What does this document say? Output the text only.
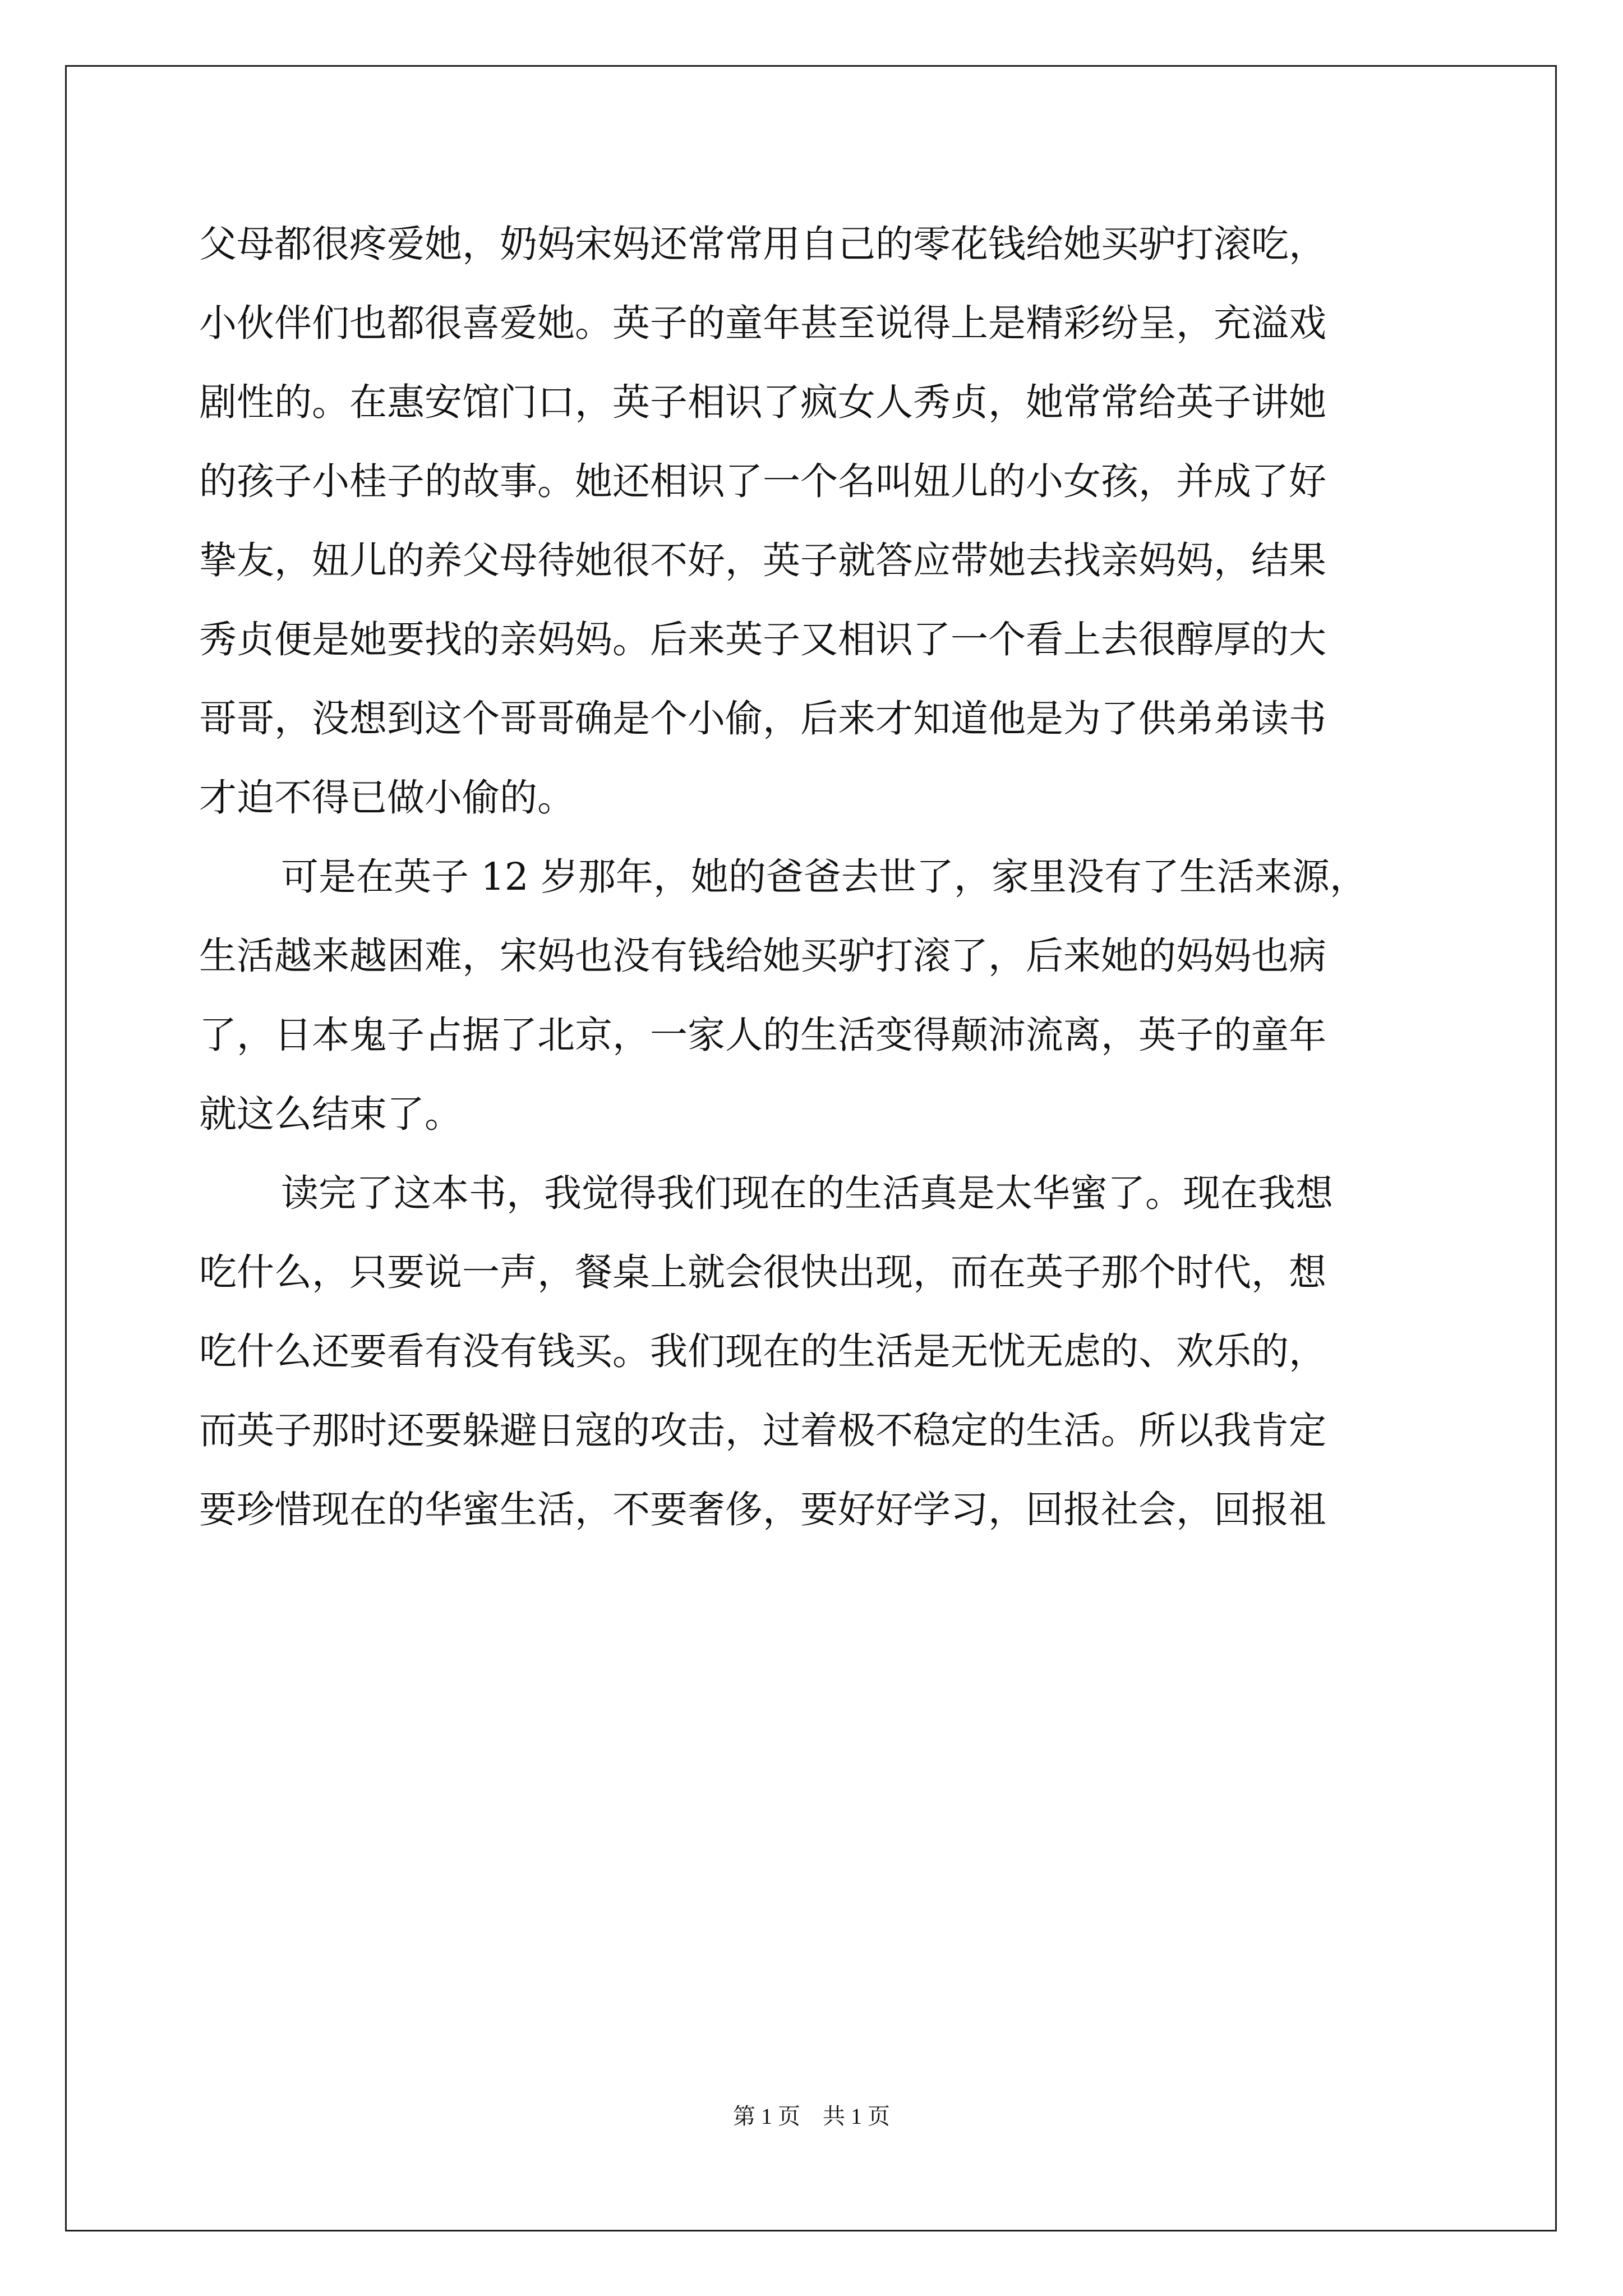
父母都很疼爱她，奶妈宋妈还常常用自己的零花钱给她买驴打滚吃，
小伙伴们也都很喜爱她。英子的童年甚至说得上是精彩纷呈，充溢戏
剧性的。在惠安馆门口，英子相识了疯女人秀贞，她常常给英子讲她
的孩子小桂子的故事。她还相识了一个名叫妞儿的小女孩，并成了好
挚友，妞儿的养父母待她很不好，英子就答应带她去找亲妈妈，结果
秀贞便是她要找的亲妈妈。后来英子又相识了一个看上去很醇厚的大
哥哥，没想到这个哥哥确是个小偷，后来才知道他是为了供弟弟读书
才迫不得已做小偷的。
可是在英子 12 岁那年，她的爸爸去世了，家里没有了生活来源，
生活越来越困难，宋妈也没有钱给她买驴打滚了，后来她的妈妈也病
了，日本鬼子占据了北京，一家人的生活变得颠沛流离，英子的童年
就这么结束了。
读完了这本书，我觉得我们现在的生活真是太华蜜了。现在我想
吃什么，只要说一声，餐桌上就会很快出现，而在英子那个时代，想
吃什么还要看有没有钱买。我们现在的生活是无忧无虑的、欢乐的，
而英子那时还要躲避日寇的攻击，过着极不稳定的生活。所以我肯定
要珍惜现在的华蜜生活，不要奢侈，要好好学习，回报社会，回报祖
第 1 页 共 1 页
